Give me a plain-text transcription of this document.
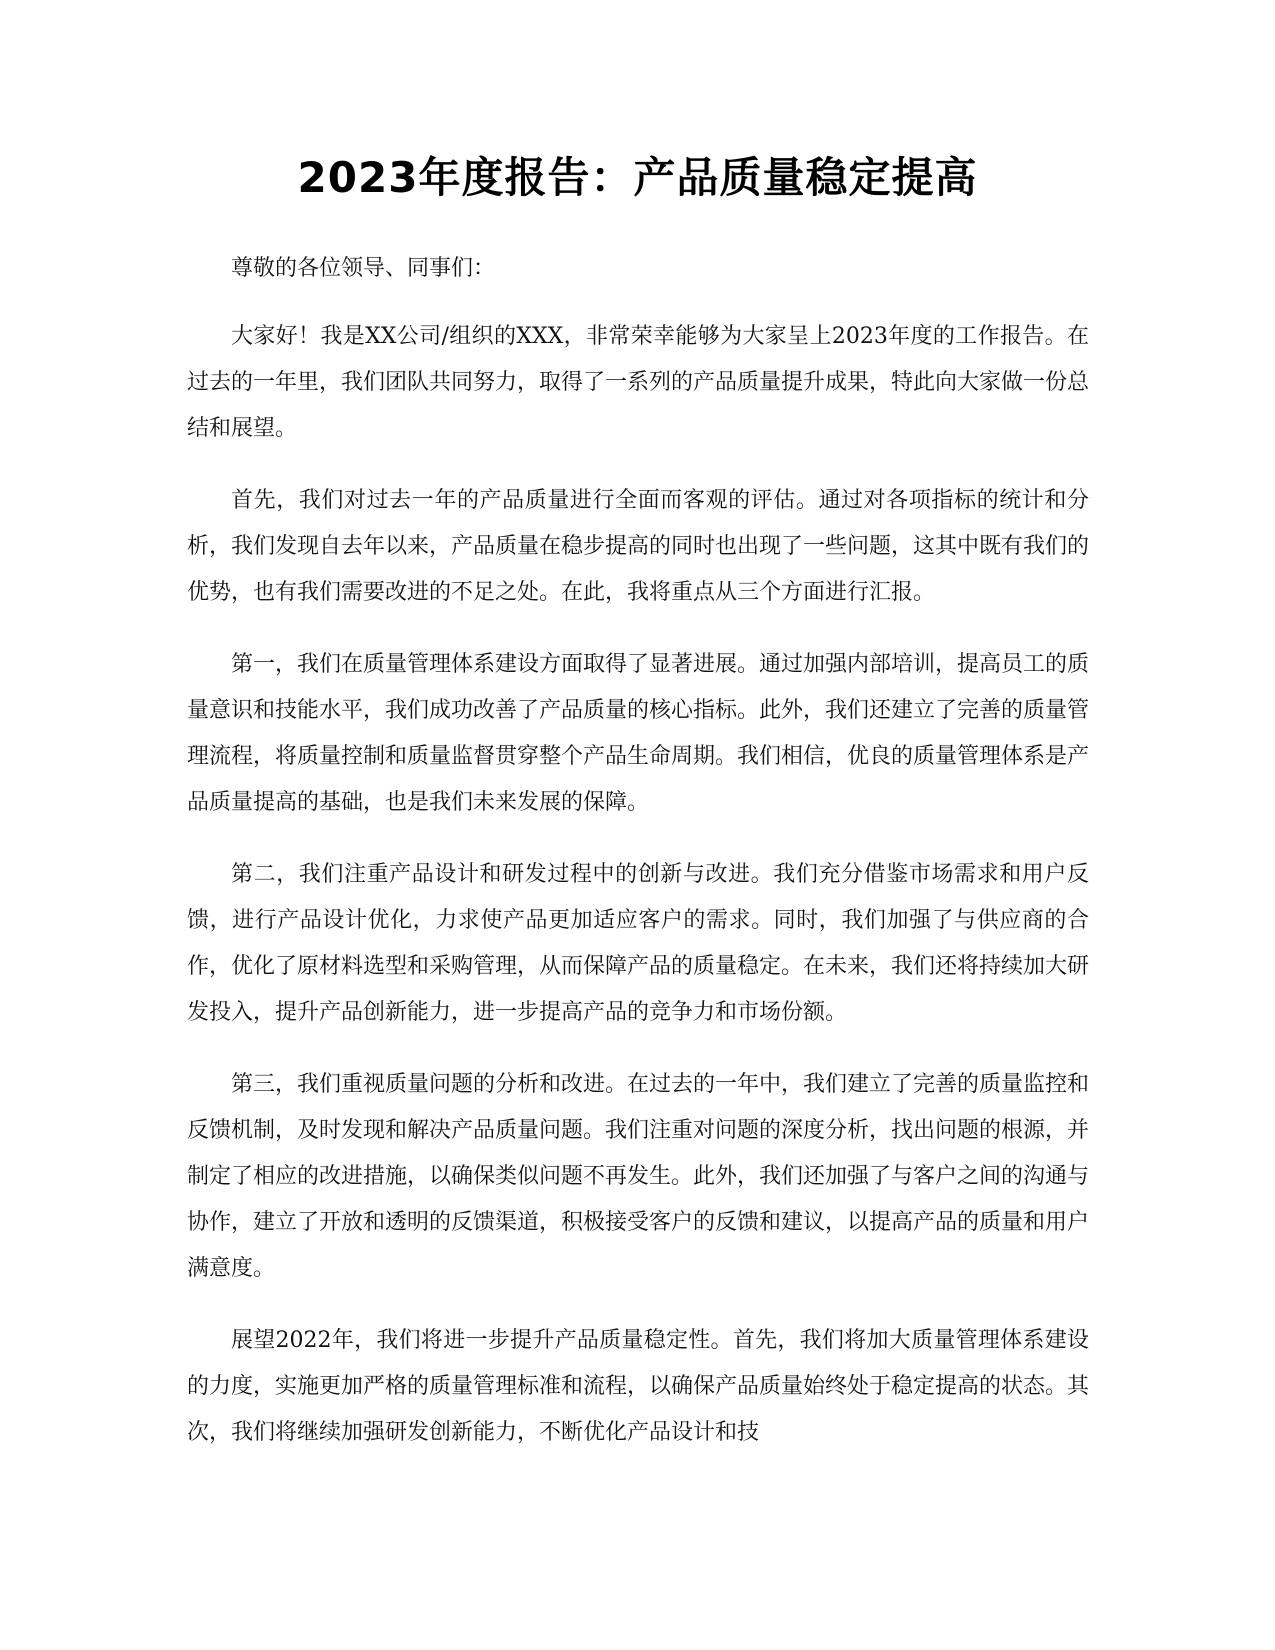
2023年度报告：产品质量稳定提高

尊敬的各位领导、同事们：

大家好！我是XX公司/组织的XXX，非常荣幸能够为大家呈上2023年度的工作报告。在过去的一年里，我们团队共同努力，取得了一系列的产品质量提升成果，特此向大家做一份总结和展望。

首先，我们对过去一年的产品质量进行全面而客观的评估。通过对各项指标的统计和分析，我们发现自去年以来，产品质量在稳步提高的同时也出现了一些问题，这其中既有我们的优势，也有我们需要改进的不足之处。在此，我将重点从三个方面进行汇报。

第一，我们在质量管理体系建设方面取得了显著进展。通过加强内部培训，提高员工的质量意识和技能水平，我们成功改善了产品质量的核心指标。此外，我们还建立了完善的质量管理流程，将质量控制和质量监督贯穿整个产品生命周期。我们相信，优良的质量管理体系是产品质量提高的基础，也是我们未来发展的保障。

第二，我们注重产品设计和研发过程中的创新与改进。我们充分借鉴市场需求和用户反馈，进行产品设计优化，力求使产品更加适应客户的需求。同时，我们加强了与供应商的合作，优化了原材料选型和采购管理，从而保障产品的质量稳定。在未来，我们还将持续加大研发投入，提升产品创新能力，进一步提高产品的竞争力和市场份额。

第三，我们重视质量问题的分析和改进。在过去的一年中，我们建立了完善的质量监控和反馈机制，及时发现和解决产品质量问题。我们注重对问题的深度分析，找出问题的根源，并制定了相应的改进措施，以确保类似问题不再发生。此外，我们还加强了与客户之间的沟通与协作，建立了开放和透明的反馈渠道，积极接受客户的反馈和建议，以提高产品的质量和用户满意度。

展望2022年，我们将进一步提升产品质量稳定性。首先，我们将加大质量管理体系建设的力度，实施更加严格的质量管理标准和流程，以确保产品质量始终处于稳定提高的状态。其次，我们将继续加强研发创新能力，不断优化产品设计和技
